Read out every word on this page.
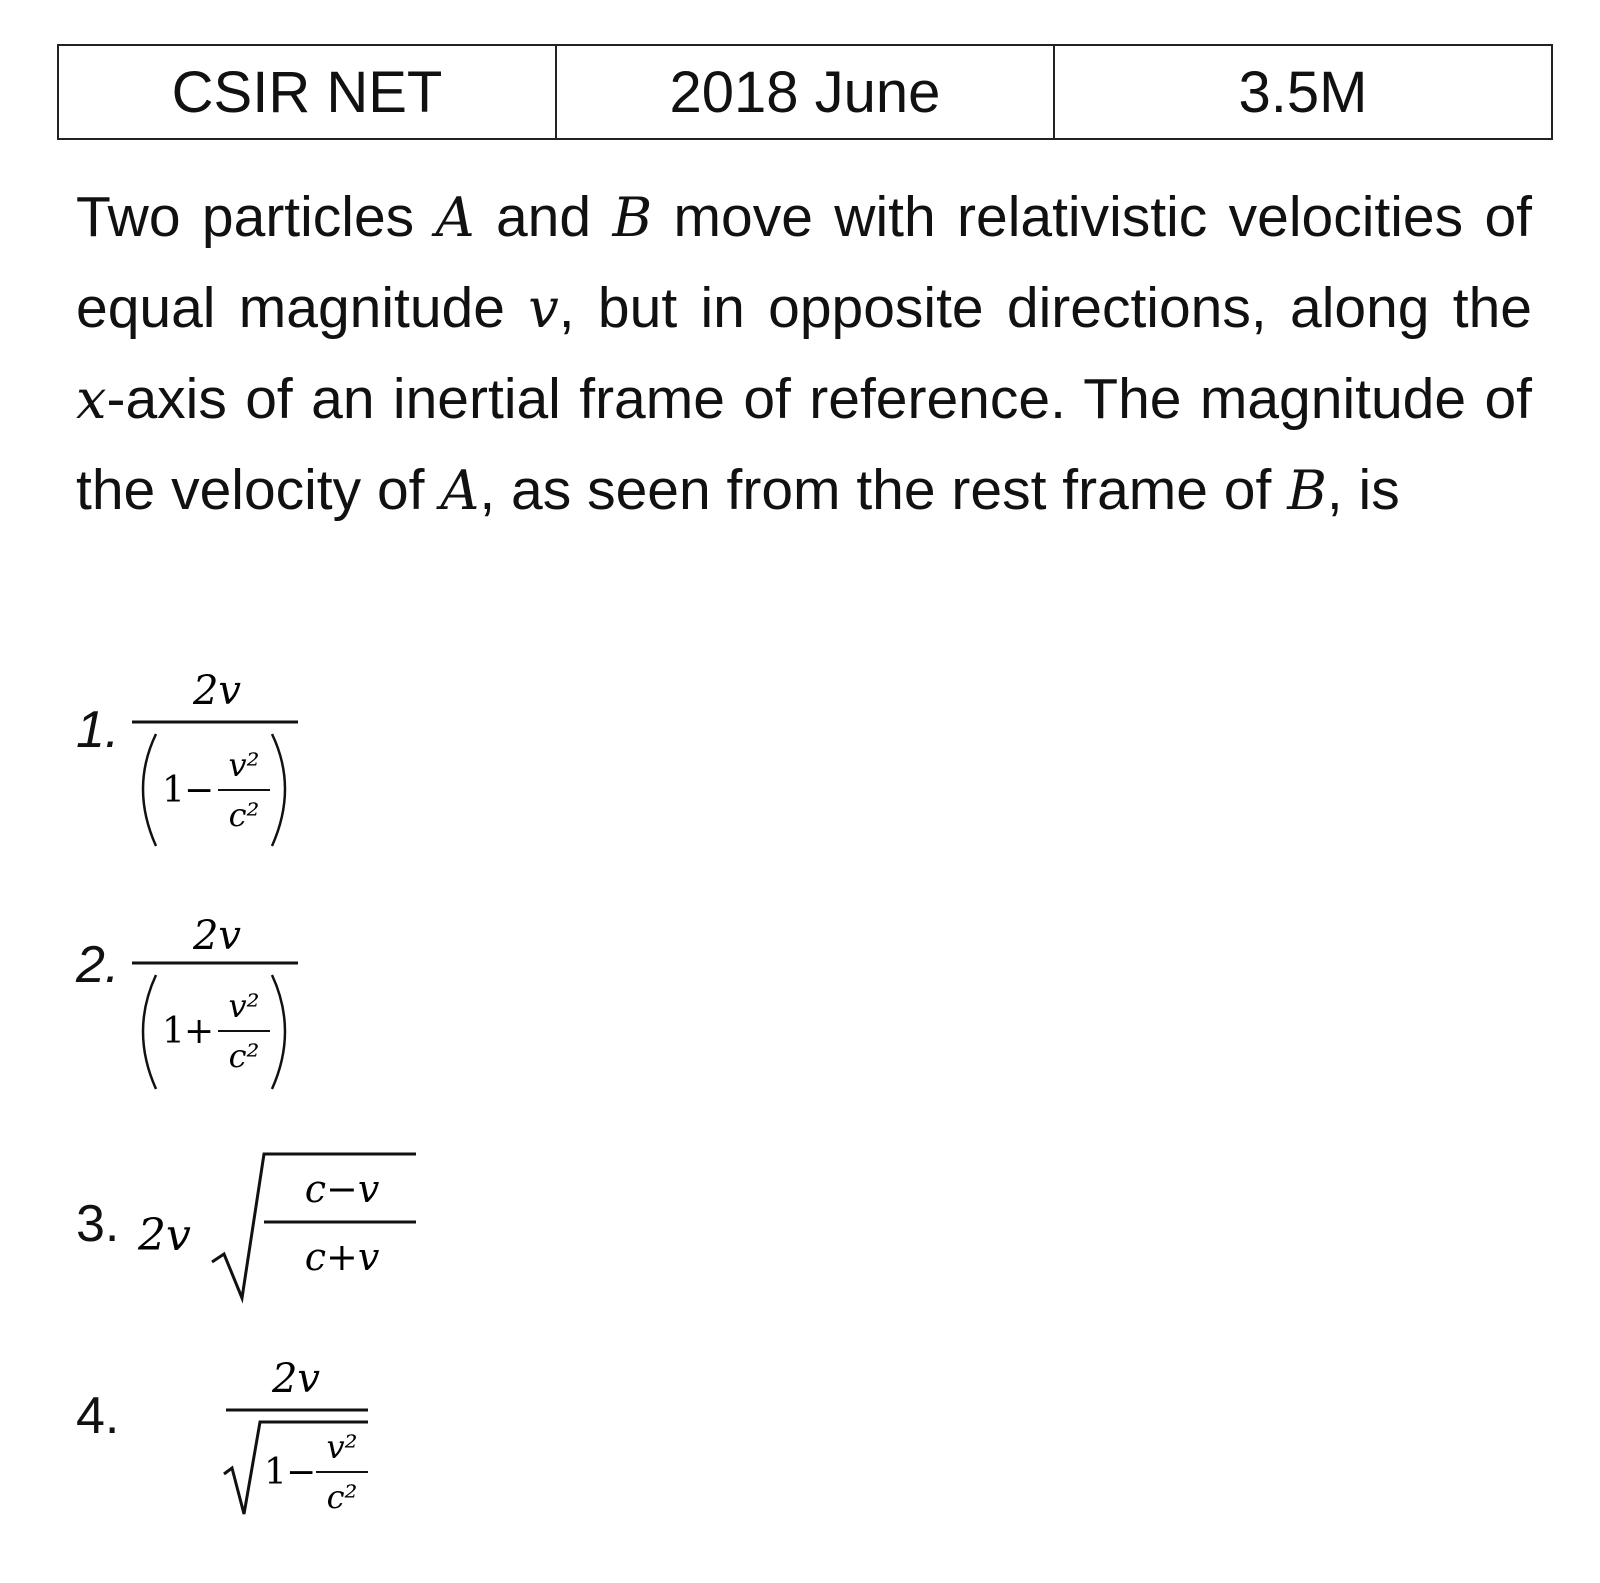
CSIR NET	2018 June	3.5M
Two particles A and B move with relativistic velocities of equal magnitude v, but in opposite directions, along the x-axis of an inertial frame of reference. The magnitude of the velocity of A, as seen from the rest frame of B, is
1.
2v
1 −
v²
c²
2. 2v
1 +
v²
c²
3. 2v
c−v
c+v
4.
2v
1 −
v²
c²
